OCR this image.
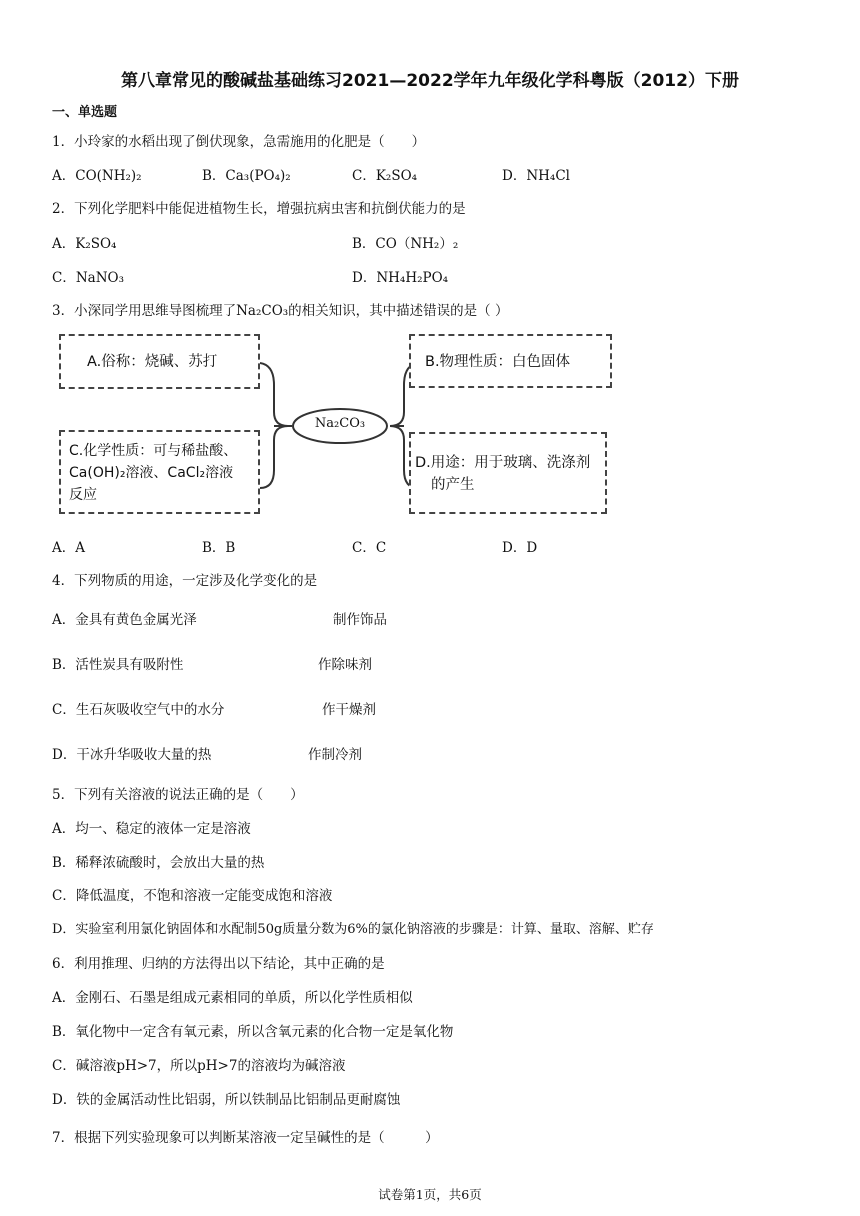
第八章常见的酸碱盐基础练习2021—2022学年九年级化学科粤版（2012）下册
一、单选题
1．小玲家的水稻出现了倒伏现象，急需施用的化肥是（　　）
A．CO(NH₂)₂	B．Ca₃(PO₄)₂	C．K₂SO₄	D．NH₄Cl
2．下列化学肥料中能促进植物生长，增强抗病虫害和抗倒伏能力的是
A．K₂SO₄	B．CO（NH₂）₂
C．NaNO₃	D．NH₄H₂PO₄
3．小深同学用思维导图梳理了Na₂CO₃的相关知识，其中描述错误的是（ ）
Na₂CO₃
A.俗称：烧碱、苏打	B.物理性质：白色固体
C.化学性质：可与稀盐酸、
Ca(OH)₂溶液、CaCl₂溶液
反应
D.用途：用于玻璃、洗涤剂
的产生
A．A	B．B	C．C	D．D
4．下列物质的用途，一定涉及化学变化的是
A．金具有黄色金属光泽	制作饰品
B．活性炭具有吸附性	作除味剂
C．生石灰吸收空气中的水分	作干燥剂
D．干冰升华吸收大量的热	作制冷剂
5．下列有关溶液的说法正确的是（　　）
A．均一、稳定的液体一定是溶液
B．稀释浓硫酸时，会放出大量的热
C．降低温度，不饱和溶液一定能变成饱和溶液
D．实验室利用氯化钠固体和水配制50g质量分数为6%的氯化钠溶液的步骤是：计算、量取、溶解、贮存
6．利用推理、归纳的方法得出以下结论，其中正确的是
A．金刚石、石墨是组成元素相同的单质，所以化学性质相似
B．氧化物中一定含有氧元素，所以含氧元素的化合物一定是氧化物
C．碱溶液pH>7，所以pH>7的溶液均为碱溶液
D．铁的金属活动性比铝弱，所以铁制品比铝制品更耐腐蚀
7．根据下列实验现象可以判断某溶液一定呈碱性的是（　　　）
试卷第1页，共6页
